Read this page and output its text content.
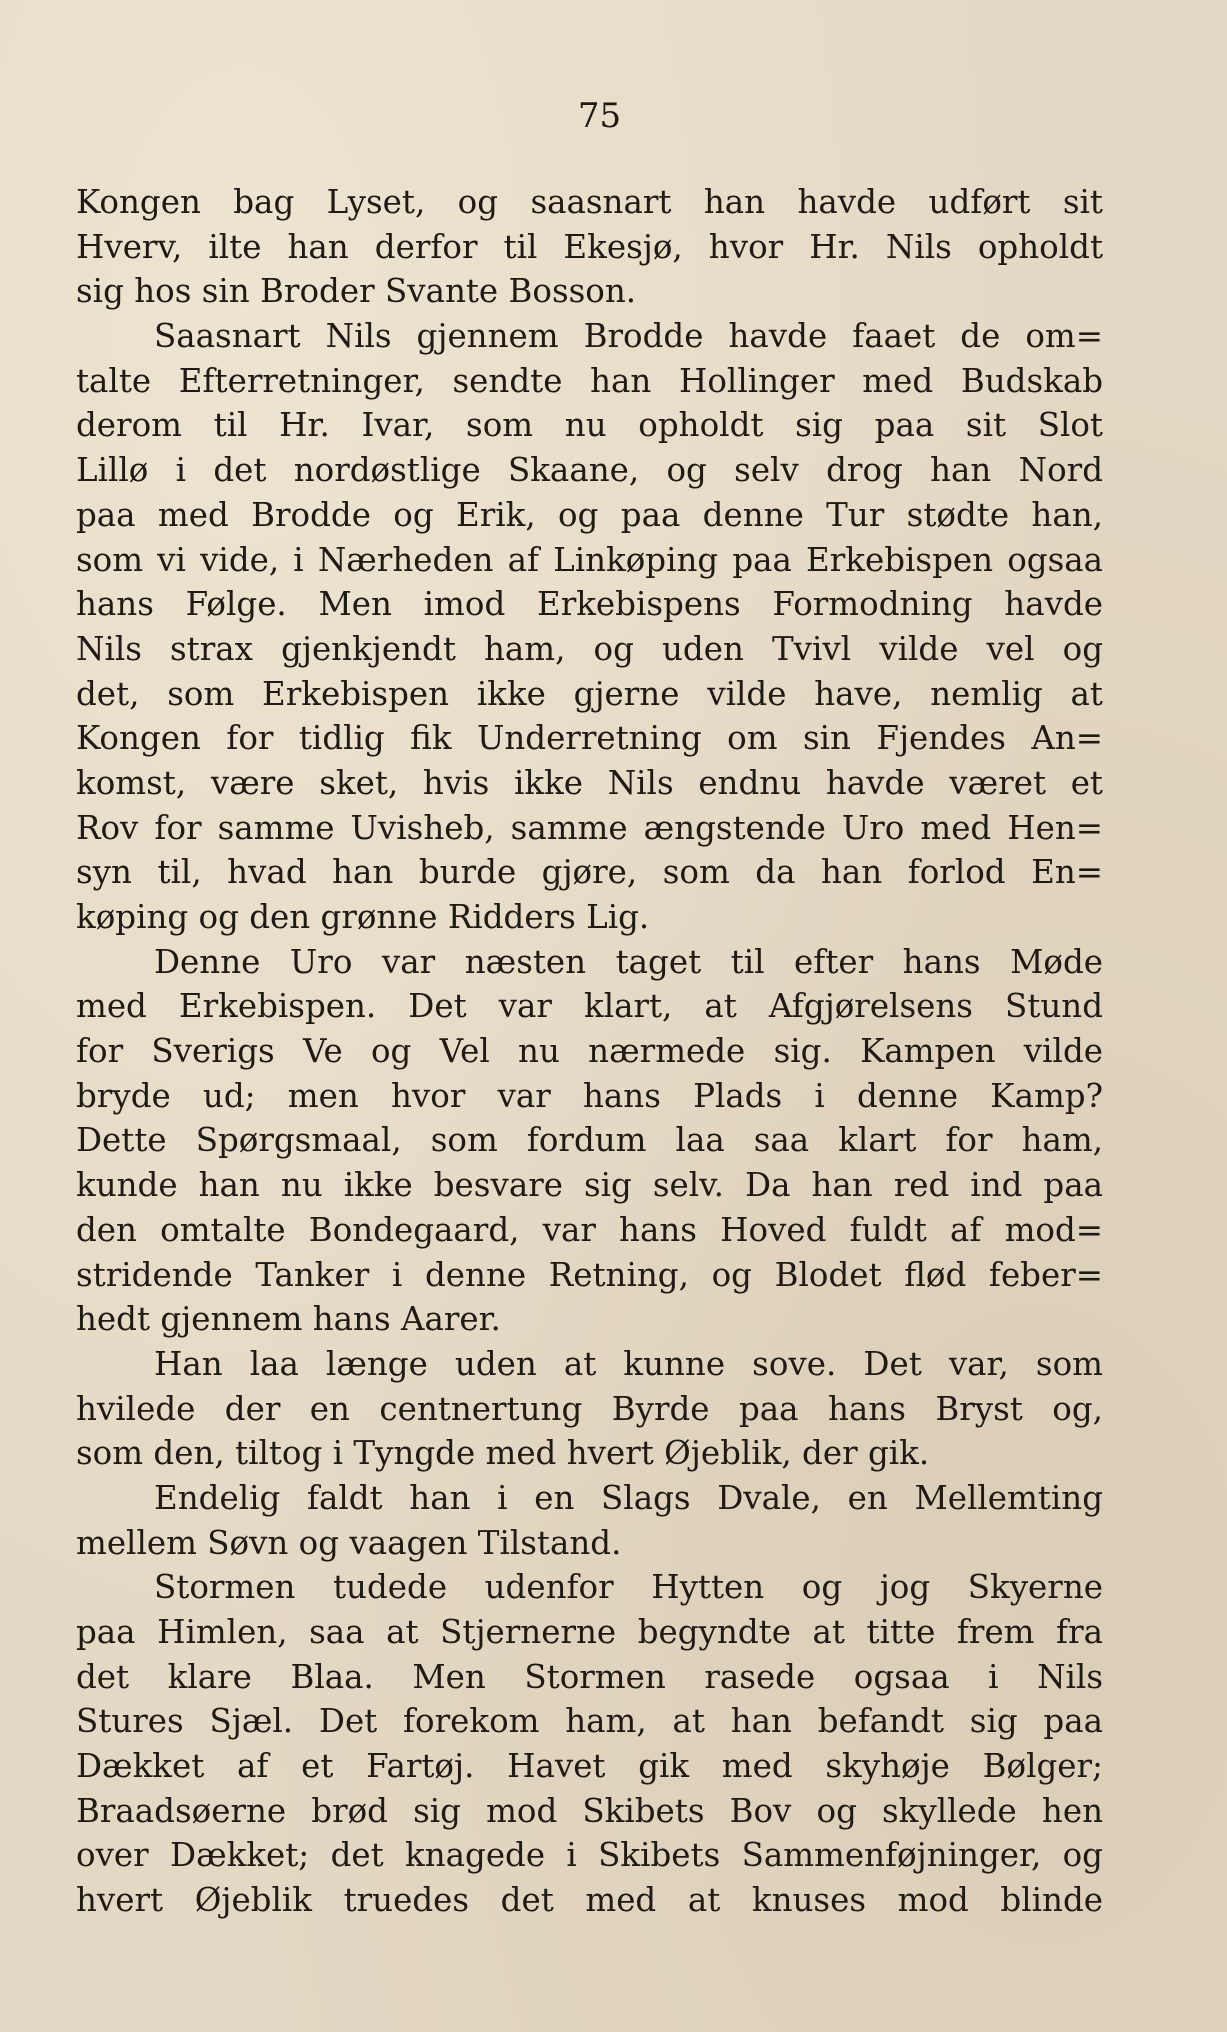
75
Kongen bag Lyset, og saasnart han havde udført sit
Hverv, ilte han derfor til Ekesjø, hvor Hr. Nils opholdt
sig hos sin Broder Svante Bosson.
Saasnart Nils gjennem Brodde havde faaet de om=
talte Efterretninger, sendte han Hollinger med Budskab
derom til Hr. Ivar, som nu opholdt sig paa sit Slot
Lillø i det nordøstlige Skaane, og selv drog han Nord
paa med Brodde og Erik, og paa denne Tur stødte han,
som vi vide, i Nærheden af Linkøping paa Erkebispen ogsaa
hans Følge. Men imod Erkebispens Formodning havde
Nils strax gjenkjendt ham, og uden Tvivl vilde vel og
det, som Erkebispen ikke gjerne vilde have, nemlig at
Kongen for tidlig fik Underretning om sin Fjendes An=
komst, være sket, hvis ikke Nils endnu havde været et
Rov for samme Uvisheb, samme ængstende Uro med Hen=
syn til, hvad han burde gjøre, som da han forlod En=
køping og den grønne Ridders Lig.
Denne Uro var næsten taget til efter hans Møde
med Erkebispen. Det var klart, at Afgjørelsens Stund
for Sverigs Ve og Vel nu nærmede sig. Kampen vilde
bryde ud; men hvor var hans Plads i denne Kamp?
Dette Spørgsmaal, som fordum laa saa klart for ham,
kunde han nu ikke besvare sig selv. Da han red ind paa
den omtalte Bondegaard, var hans Hoved fuldt af mod=
stridende Tanker i denne Retning, og Blodet flød feber=
hedt gjennem hans Aarer.
Han laa længe uden at kunne sove. Det var, som
hvilede der en centnertung Byrde paa hans Bryst og,
som den, tiltog i Tyngde med hvert Øjeblik, der gik.
Endelig faldt han i en Slags Dvale, en Mellemting
mellem Søvn og vaagen Tilstand.
Stormen tudede udenfor Hytten og jog Skyerne
paa Himlen, saa at Stjernerne begyndte at titte frem fra
det klare Blaa. Men Stormen rasede ogsaa i Nils
Stures Sjæl. Det forekom ham, at han befandt sig paa
Dækket af et Fartøj. Havet gik med skyhøje Bølger;
Braadsøerne brød sig mod Skibets Bov og skyllede hen
over Dækket; det knagede i Skibets Sammenføjninger, og
hvert Øjeblik truedes det med at knuses mod blinde
